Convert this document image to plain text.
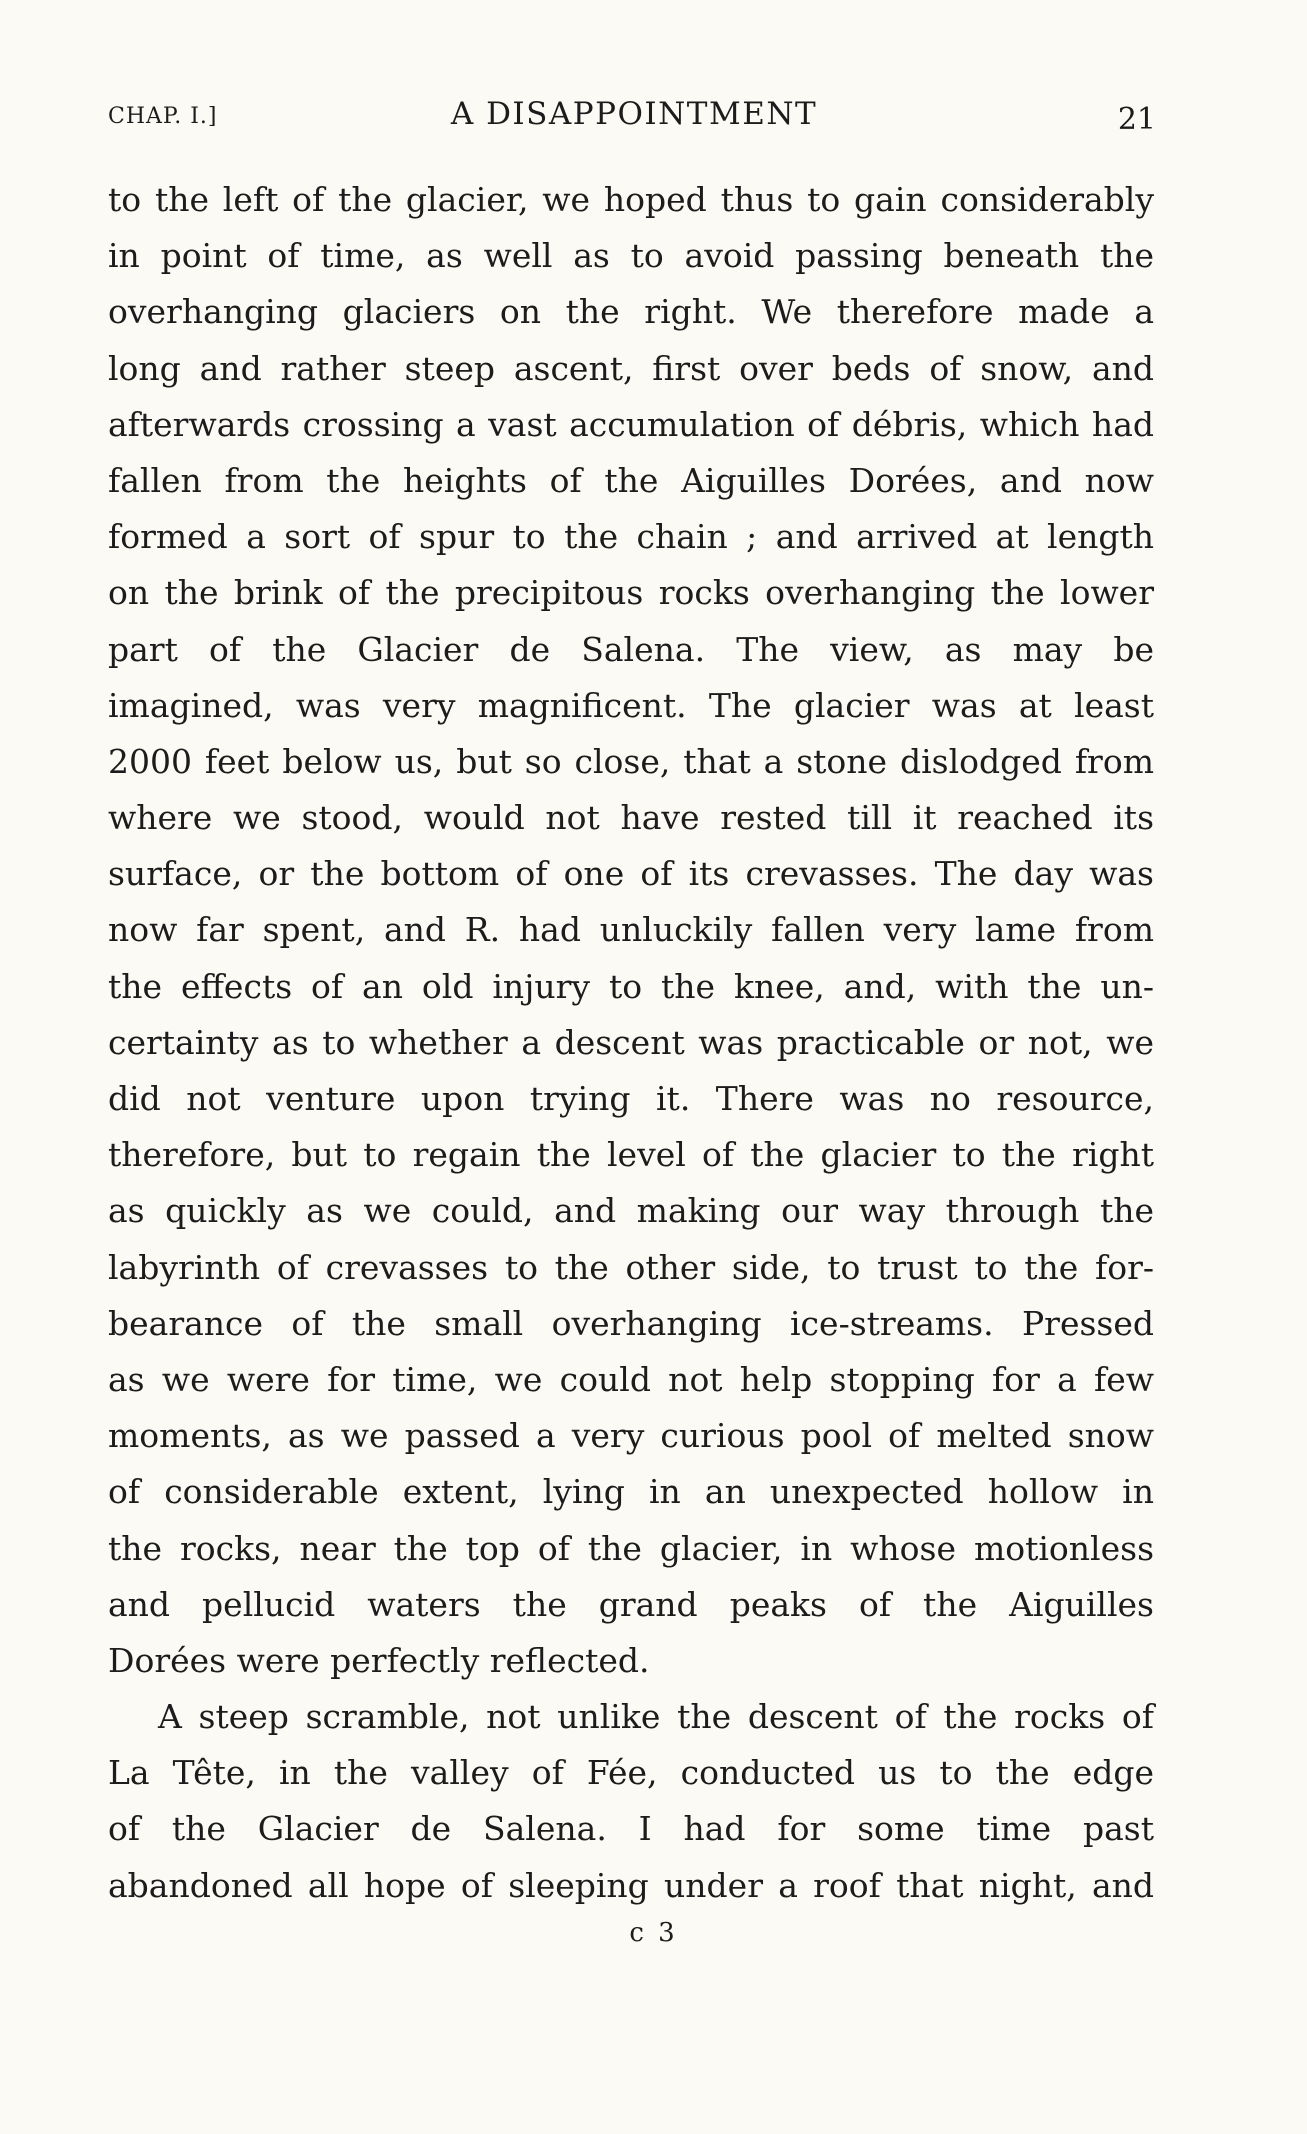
CHAP. I.]	A DISAPPOINTMENT	21
to the left of the glacier, we hoped thus to gain considerably
in point of time, as well as to avoid passing beneath the
overhanging glaciers on the right. We therefore made a
long and rather steep ascent, first over beds of snow, and
afterwards crossing a vast accumulation of débris, which had
fallen from the heights of the Aiguilles Dorées, and now
formed a sort of spur to the chain ; and arrived at length
on the brink of the precipitous rocks overhanging the lower
part of the Glacier de Salena. The view, as may be
imagined, was very magnificent. The glacier was at least
2000 feet below us, but so close, that a stone dislodged from
where we stood, would not have rested till it reached its
surface, or the bottom of one of its crevasses. The day was
now far spent, and R. had unluckily fallen very lame from
the effects of an old injury to the knee, and, with the un-
certainty as to whether a descent was practicable or not, we
did not venture upon trying it. There was no resource,
therefore, but to regain the level of the glacier to the right
as quickly as we could, and making our way through the
labyrinth of crevasses to the other side, to trust to the for-
bearance of the small overhanging ice-streams. Pressed
as we were for time, we could not help stopping for a few
moments, as we passed a very curious pool of melted snow
of considerable extent, lying in an unexpected hollow in
the rocks, near the top of the glacier, in whose motionless
and pellucid waters the grand peaks of the Aiguilles
Dorées were perfectly reflected.
A steep scramble, not unlike the descent of the rocks of
La Tête, in the valley of Fée, conducted us to the edge
of the Glacier de Salena. I had for some time past
abandoned all hope of sleeping under a roof that night, and
c 3
